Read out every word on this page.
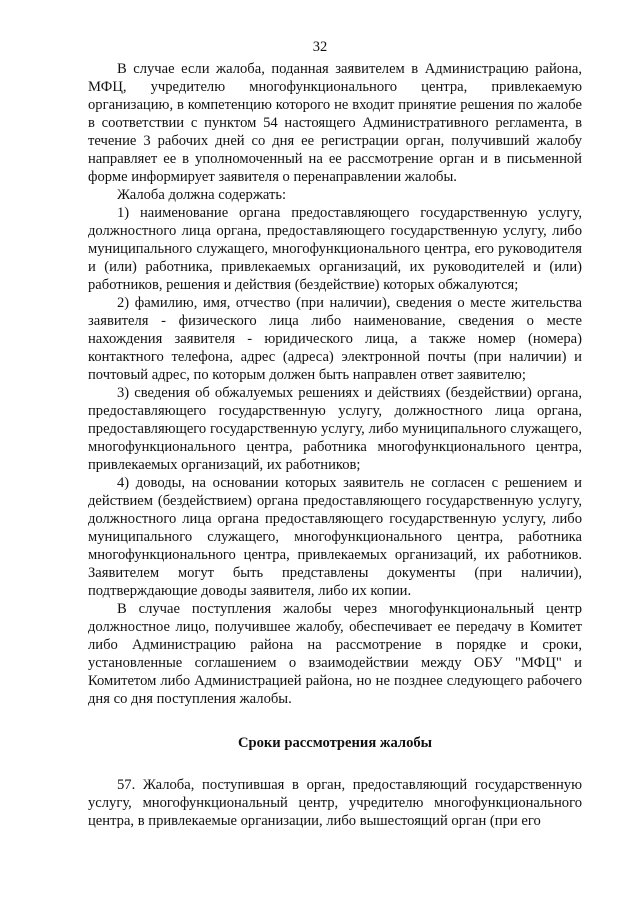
32

В случае если жалоба, поданная заявителем в Администрацию района, МФЦ, учредителю многофункционального центра, привлекаемую организацию, в компетенцию которого не входит принятие решения по жалобе в соответствии с пунктом 54 настоящего Административного регламента, в течение 3 рабочих дней со дня ее регистрации орган, получивший жалобу направляет ее в уполномоченный на ее рассмотрение орган и в письменной форме информирует заявителя о перенаправлении жалобы.

Жалоба должна содержать:

1) наименование органа предоставляющего государственную услугу, должностного лица органа, предоставляющего государственную услугу, либо муниципального служащего, многофункционального центра, его руководителя и (или) работника, привлекаемых организаций, их руководителей и (или) работников, решения и действия (бездействие) которых обжалуются;

2) фамилию, имя, отчество (при наличии), сведения о месте жительства заявителя - физического лица либо наименование, сведения о месте нахождения заявителя - юридического лица, а также номер (номера) контактного телефона, адрес (адреса) электронной почты (при наличии) и почтовый адрес, по которым должен быть направлен ответ заявителю;

3) сведения об обжалуемых решениях и действиях (бездействии) органа, предоставляющего государственную услугу, должностного лица органа, предоставляющего государственную услугу, либо муниципального служащего, многофункционального центра, работника многофункционального центра, привлекаемых организаций, их работников;

4) доводы, на основании которых заявитель не согласен с решением и действием (бездействием) органа предоставляющего государственную услугу, должностного лица органа предоставляющего государственную услугу, либо муниципального служащего, многофункционального центра, работника многофункционального центра, привлекаемых организаций, их работников. Заявителем могут быть представлены документы (при наличии), подтверждающие доводы заявителя, либо их копии.

В случае поступления жалобы через многофункциональный центр должностное лицо, получившее жалобу, обеспечивает ее передачу в Комитет либо Администрацию района на рассмотрение в порядке и сроки, установленные соглашением о взаимодействии между ОБУ "МФЦ" и Комитетом либо Администрацией района, но не позднее следующего рабочего дня со дня поступления жалобы.

Сроки рассмотрения жалобы

57. Жалоба, поступившая в орган, предоставляющий государственную услугу, многофункциональный центр, учредителю многофункционального центра, в привлекаемые организации, либо вышестоящий орган (при его
